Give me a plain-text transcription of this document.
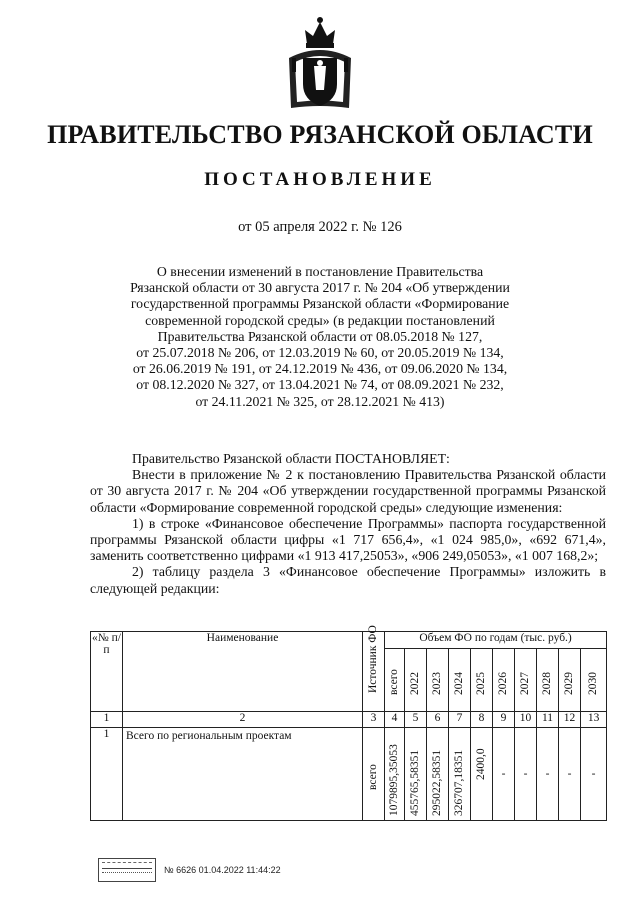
ПРАВИТЕЛЬСТВО РЯЗАНСКОЙ ОБЛАСТИ
ПОСТАНОВЛЕНИЕ
от 05 апреля 2022 г. № 126
О внесении изменений в постановление Правительства
Рязанской области от 30 августа 2017 г. № 204 «Об утверждении
государственной программы Рязанской области «Формирование
современной городской среды» (в редакции постановлений
Правительства Рязанской области от 08.05.2018 № 127,
от 25.07.2018 № 206, от 12.03.2019 № 60, от 20.05.2019 № 134,
от 26.06.2019 № 191, от 24.12.2019 № 436, от 09.06.2020 № 134,
от 08.12.2020 № 327, от 13.04.2021 № 74, от 08.09.2021 № 232,
от 24.11.2021 № 325, от 28.12.2021 № 413)

Правительство Рязанской области ПОСТАНОВЛЯЕТ:

Внести в приложение № 2 к постановлению Правительства Рязанской области от 30 августа 2017 г. № 204 «Об утверждении государственной программы Рязанской области «Формирование современной городской среды» следующие изменения:

1) в строке «Финансовое обеспечение Программы» паспорта государственной программы Рязанской области цифры «1 717 656,4», «1 024 985,0», «692 671,4», заменить соответственно цифрами «1 913 417,25053», «906 249,05053», «1 007 168,2»;

2) таблицу раздела 3 «Финансовое обеспечение Программы» изложить в следующей редакции:

«№ п/п	Наименование	Источник ФО	Объем ФО по годам (тыс. руб.)									

			всего	2022	2023	2024	2025	2026	2027	2028	2029	2030

1	2	3	4	5	6	7	8	9	10	11	12	13
1	Всего по региональным проектам	всего	1079895,35053	455765,58351	295022,58351	326707,18351	2400,0	-	-	-	-	-
№ 6626 01.04.2022 11:44:22
